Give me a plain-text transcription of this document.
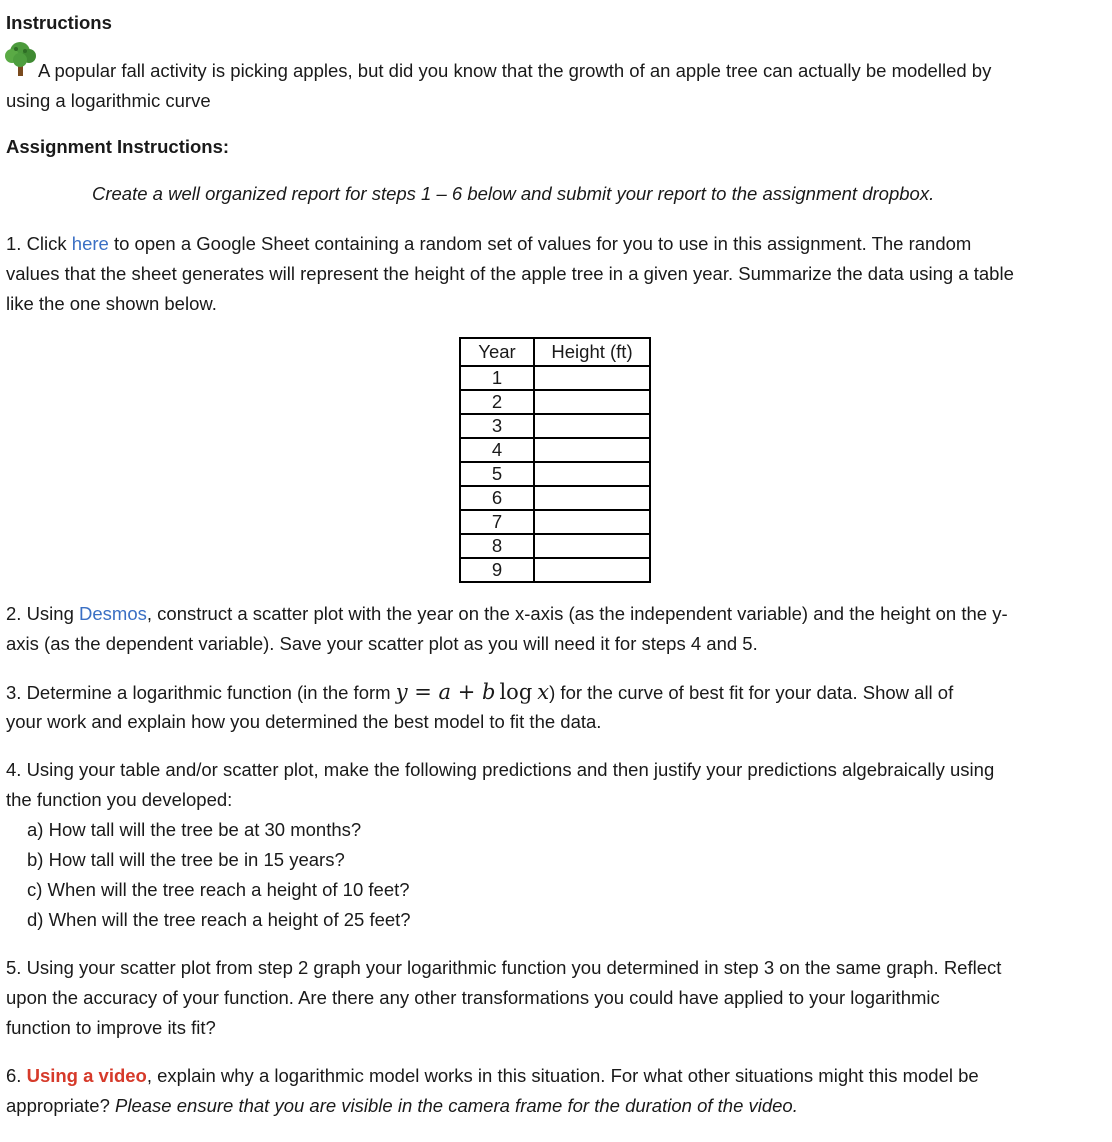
Instructions
A popular fall activity is picking apples, but did you know that the growth of an apple tree can actually be modelled by
using a logarithmic curve
Assignment Instructions:
Create a well organized report for steps 1 – 6 below and submit your report to the assignment dropbox.
1. Click here to open a Google Sheet containing a random set of values for you to use in this assignment. The random
values that the sheet generates will represent the height of the apple tree in a given year. Summarize the data using a table
like the one shown below.
Year	Height (ft)
1	
2	
3	
4	
5	
6	
7	
8	
9	
2. Using Desmos, construct a scatter plot with the year on the x-axis (as the independent variable) and the height on the y-
axis (as the dependent variable). Save your scatter plot as you will need it for steps 4 and 5.
3. Determine a logarithmic function (in the form y = a + b log x) for the curve of best fit for your data. Show all of
your work and explain how you determined the best model to fit the data.
4. Using your table and/or scatter plot, make the following predictions and then justify your predictions algebraically using
the function you developed:
a) How tall will the tree be at 30 months?
b) How tall will the tree be in 15 years?
c) When will the tree reach a height of 10 feet?
d) When will the tree reach a height of 25 feet?
5. Using your scatter plot from step 2 graph your logarithmic function you determined in step 3 on the same graph. Reflect
upon the accuracy of your function. Are there any other transformations you could have applied to your logarithmic
function to improve its fit?
6. Using a video, explain why a logarithmic model works in this situation. For what other situations might this model be
appropriate? Please ensure that you are visible in the camera frame for the duration of the video.
